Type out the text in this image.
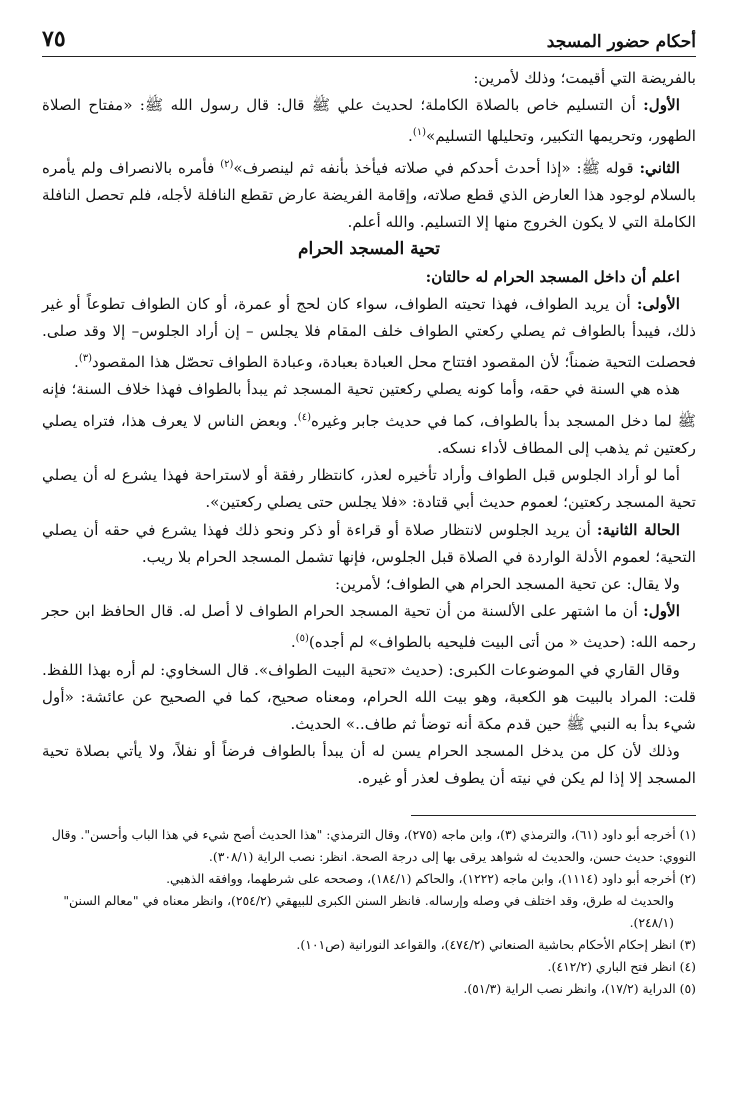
أحكام حضور المسجد
٧٥

بالفريضة التي أقيمت؛ وذلك لأمرين:

الأول: أن التسليم خاص بالصلاة الكاملة؛ لحديث علي ﷺ قال: قال رسول الله ﷺ: «مفتاح الصلاة الطهور، وتحريمها التكبير، وتحليلها التسليم»$^{(١)}$.

الثاني: قوله ﷺ: «إذا أحدث أحدكم في صلاته فيأخذ بأنفه ثم لينصرف»$^{(٢)}$ فأمره بالانصراف ولم يأمره بالسلام لوجود هذا العارض الذي قطع صلاته، وإقامة الفريضة عارض تقطع النافلة لأجله، فلم تحصل النافلة الكاملة التي لا يكون الخروج منها إلا التسليم. والله أعلم.

تحية المسجد الحرام

اعلم أن داخل المسجد الحرام له حالتان:

الأولى: أن يريد الطواف، فهذا تحيته الطواف، سواء كان لحج أو عمرة، أو كان الطواف تطوعاً أو غير ذلك، فيبدأ بالطواف ثم يصلي ركعتي الطواف خلف المقام فلا يجلس – إن أراد الجلوس– إلا وقد صلى. فحصلت التحية ضمناً؛ لأن المقصود افتتاح محل العبادة بعبادة، وعبادة الطواف تحصّل هذا المقصود$^{(٣)}$.

هذه هي السنة في حقه، وأما كونه يصلي ركعتين تحية المسجد ثم يبدأ بالطواف فهذا خلاف السنة؛ فإنه ﷺ لما دخل المسجد بدأ بالطواف، كما في حديث جابر وغيره$^{(٤)}$. وبعض الناس لا يعرف هذا، فتراه يصلي ركعتين ثم يذهب إلى المطاف لأداء نسكه.

أما لو أراد الجلوس قبل الطواف وأراد تأخيره لعذر، كانتظار رفقة أو لاستراحة فهذا يشرع له أن يصلي تحية المسجد ركعتين؛ لعموم حديث أبي قتادة: «فلا يجلس حتى يصلي ركعتين».

الحالة الثانية: أن يريد الجلوس لانتظار صلاة أو قراءة أو ذكر ونحو ذلك فهذا يشرع في حقه أن يصلي التحية؛ لعموم الأدلة الواردة في الصلاة قبل الجلوس، فإنها تشمل المسجد الحرام بلا ريب.

ولا يقال: عن تحية المسجد الحرام هي الطواف؛ لأمرين:

الأول: أن ما اشتهر على الألسنة من أن تحية المسجد الحرام الطواف لا أصل له. قال الحافظ ابن حجر رحمه الله: (حديث « من أتى البيت فليحيه بالطواف» لم أجده)$^{(٥)}$.

وقال القاري في الموضوعات الكبرى: (حديث «تحية البيت الطواف». قال السخاوي: لم أره بهذا اللفظ. قلت: المراد بالبيت هو الكعبة، وهو بيت الله الحرام، ومعناه صحيح، كما في الصحيح عن عائشة: «أول شيء بدأ به النبي ﷺ حين قدم مكة أنه توضأ ثم طاف..» الحديث.

وذلك لأن كل من يدخل المسجد الحرام يسن له أن يبدأ بالطواف فرضاً أو نفلاً، ولا يأتي بصلاة تحية المسجد إلا إذا لم يكن في نيته أن يطوف لعذر أو غيره.

(١) أخرجه أبو داود (٦١)، والترمذي (٣)، وابن ماجه (٢٧٥)، وقال الترمذي: "هذا الحديث أصح شيء في هذا الباب وأحسن". وقال النووي: حديث حسن، والحديث له شواهد يرقى بها إلى درجة الصحة. انظر: نصب الراية (٣٠٨/١).

(٢) أخرجه أبو داود (١١١٤)، وابن ماجه (١٢٢٢)، والحاكم (١٨٤/١)، وصححه على شرطهما، ووافقه الذهبي.

والحديث له طرق، وقد اختلف في وصله وإرساله. فانظر السنن الكبرى للبيهقي (٢٥٤/٢)، وانظر معناه في "معالم السنن" (٢٤٨/١).

(٣) انظر إحكام الأحكام بحاشية الصنعاني (٤٧٤/٢)، والقواعد النورانية (ص١٠١).

(٤) انظر فتح الباري (٤١٢/٢).

(٥) الدراية (١٧/٢)، وانظر نصب الراية (٥١/٣).
